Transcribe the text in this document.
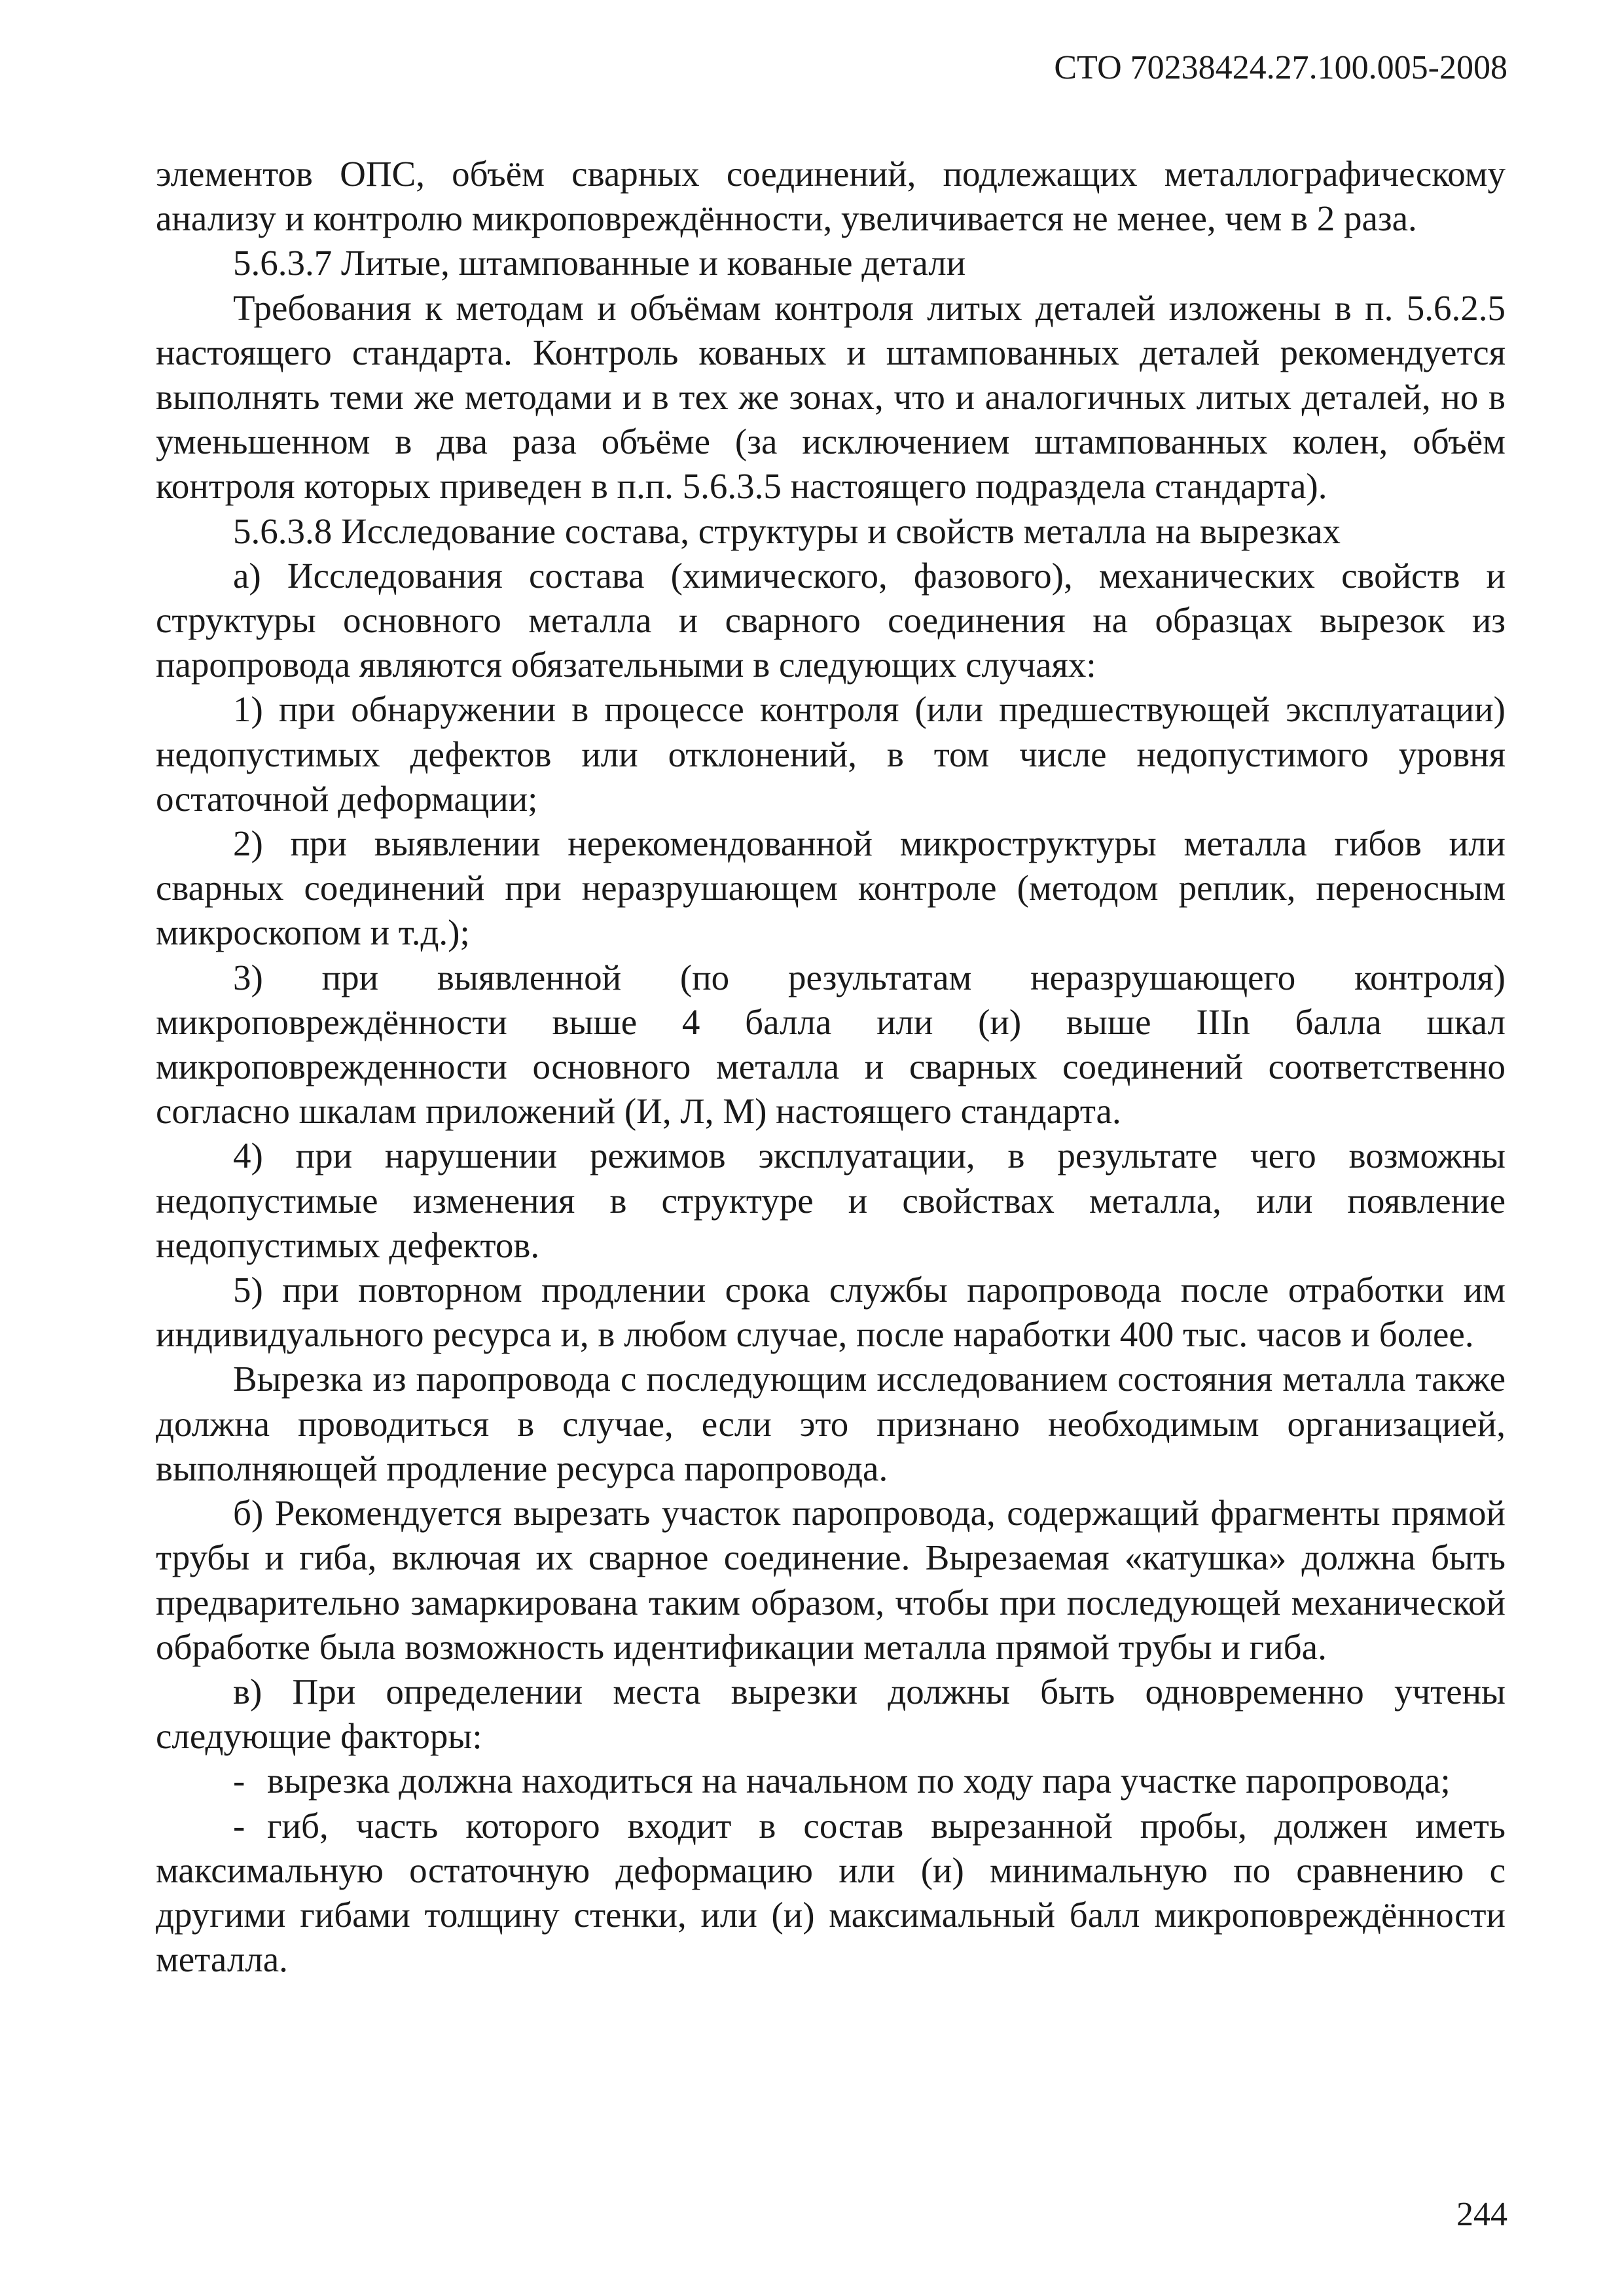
СТО 70238424.27.100.005-2008

элементов ОПС, объём сварных соединений, подлежащих металлографическому анализу и контролю микроповреждённости, увеличивается не менее, чем в 2 раза.

5.6.3.7 Литые, штампованные и кованые детали

Требования к методам и объёмам контроля литых деталей изложены в п. 5.6.2.5 настоящего стандарта. Контроль кованых и штампованных деталей рекомендуется выполнять теми же методами и в тех же зонах, что и аналогичных литых деталей, но в уменьшенном в два раза объёме (за исключением штампованных колен, объём контроля которых приведен в п.п. 5.6.3.5 настоящего подраздела стандарта).

5.6.3.8 Исследование состава, структуры и свойств металла на вырезках

а) Исследования состава (химического, фазового), механических свойств и структуры основного металла и сварного соединения на образцах вырезок из паропровода являются обязательными в следующих случаях:

1) при обнаружении в процессе контроля (или предшествующей эксплуатации) недопустимых дефектов или отклонений, в том числе недопустимого уровня остаточной деформации;

2) при выявлении нерекомендованной микроструктуры металла гибов или сварных соединений при неразрушающем контроле (методом реплик, переносным микроскопом и т.д.);

3) при выявленной (по результатам неразрушающего контроля) микроповреждённости выше 4 балла или (и) выше IIIn балла шкал микроповрежденности основного металла и сварных соединений соответственно согласно шкалам приложений (И, Л, М) настоящего стандарта.

4) при нарушении режимов эксплуатации, в результате чего возможны недопустимые изменения в структуре и свойствах металла, или появление недопустимых дефектов.

5) при повторном продлении срока службы паропровода после отработки им индивидуального ресурса и, в любом случае, после наработки 400 тыс. часов и более.

Вырезка из паропровода с последующим исследованием состояния металла также должна проводиться в случае, если это признано необходимым организацией, выполняющей продление ресурса паропровода.

б) Рекомендуется вырезать участок паропровода, содержащий фрагменты прямой трубы и гиба, включая их сварное соединение. Вырезаемая «катушка» должна быть предварительно замаркирована таким образом, чтобы при последующей механической обработке была возможность идентификации металла прямой трубы и гиба.

в) При определении места вырезки должны быть одновременно учтены следующие факторы:

- вырезка должна находиться на начальном по ходу пара участке паропровода;

- гиб, часть которого входит в состав вырезанной пробы, должен иметь максимальную остаточную деформацию или (и) минимальную по сравнению с другими гибами толщину стенки, или (и) максимальный балл микроповреждённости металла.

244
